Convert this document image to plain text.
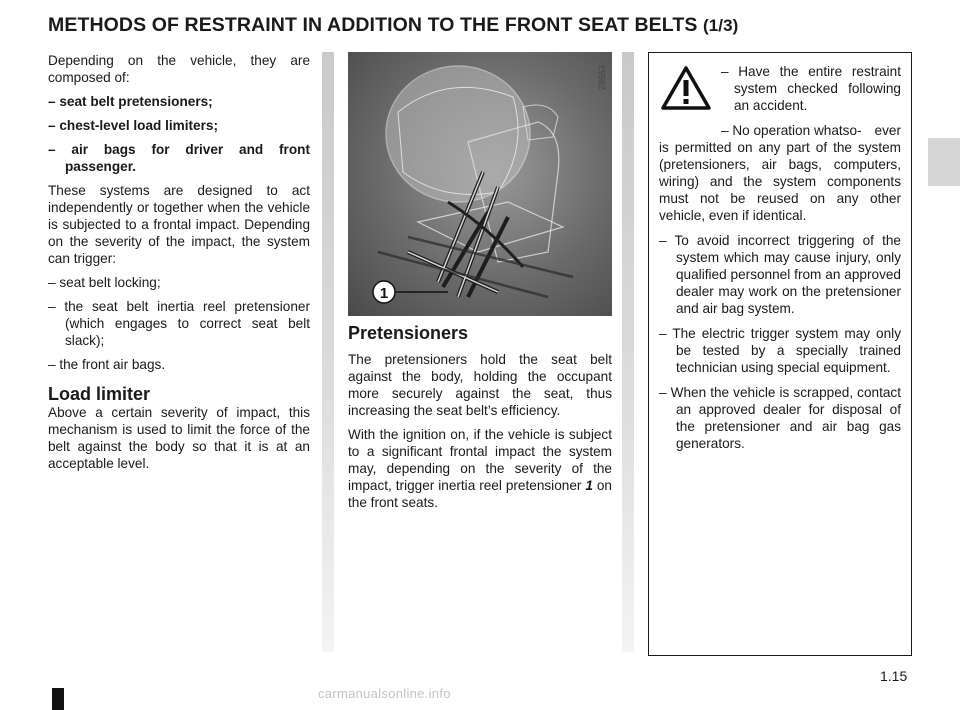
METHODS OF RESTRAINT IN ADDITION TO THE FRONT SEAT BELTS (1/3)

Depending on the vehicle, they are composed of:

– seat belt pretensioners;
– chest-level load limiters;
– air bags for driver and front passenger.

These systems are designed to act independently or together when the vehicle is subjected to a frontal impact. Depending on the severity of the impact, the system can trigger:

– seat belt locking;
– the seat belt inertia reel pretensioner (which engages to correct seat belt slack);
– the front air bags.
Load limiter

Above a certain severity of impact, this mechanism is used to limit the force of the belt against the body so that it is at an acceptable level.

1
Pretensioners

The pretensioners hold the seat belt against the body, holding the occupant more securely against the seat, thus increasing the seat belt’s efficiency.

With the ignition on, if the vehicle is subject to a significant frontal impact the system may, depending on the severity of the impact, trigger inertia reel pretensioner 1 on the front seats.

28653	– Have the entire restraint system checked following an accident.
– No operation whatso- ever is permitted on any part of the system (pretensioners, air bags, computers, wiring) and the system components must not be reused on any other vehicle, even if identical.
– To avoid incorrect triggering of the system which may cause injury, only qualified personnel from an approved dealer may work on the pretensioner and air bag system.
– The electric trigger system may only be tested by a specially trained technician using special equipment.
– When the vehicle is scrapped, contact an approved dealer for disposal of the pretensioner and air bag gas generators.
1.15
carmanualsonline.info
